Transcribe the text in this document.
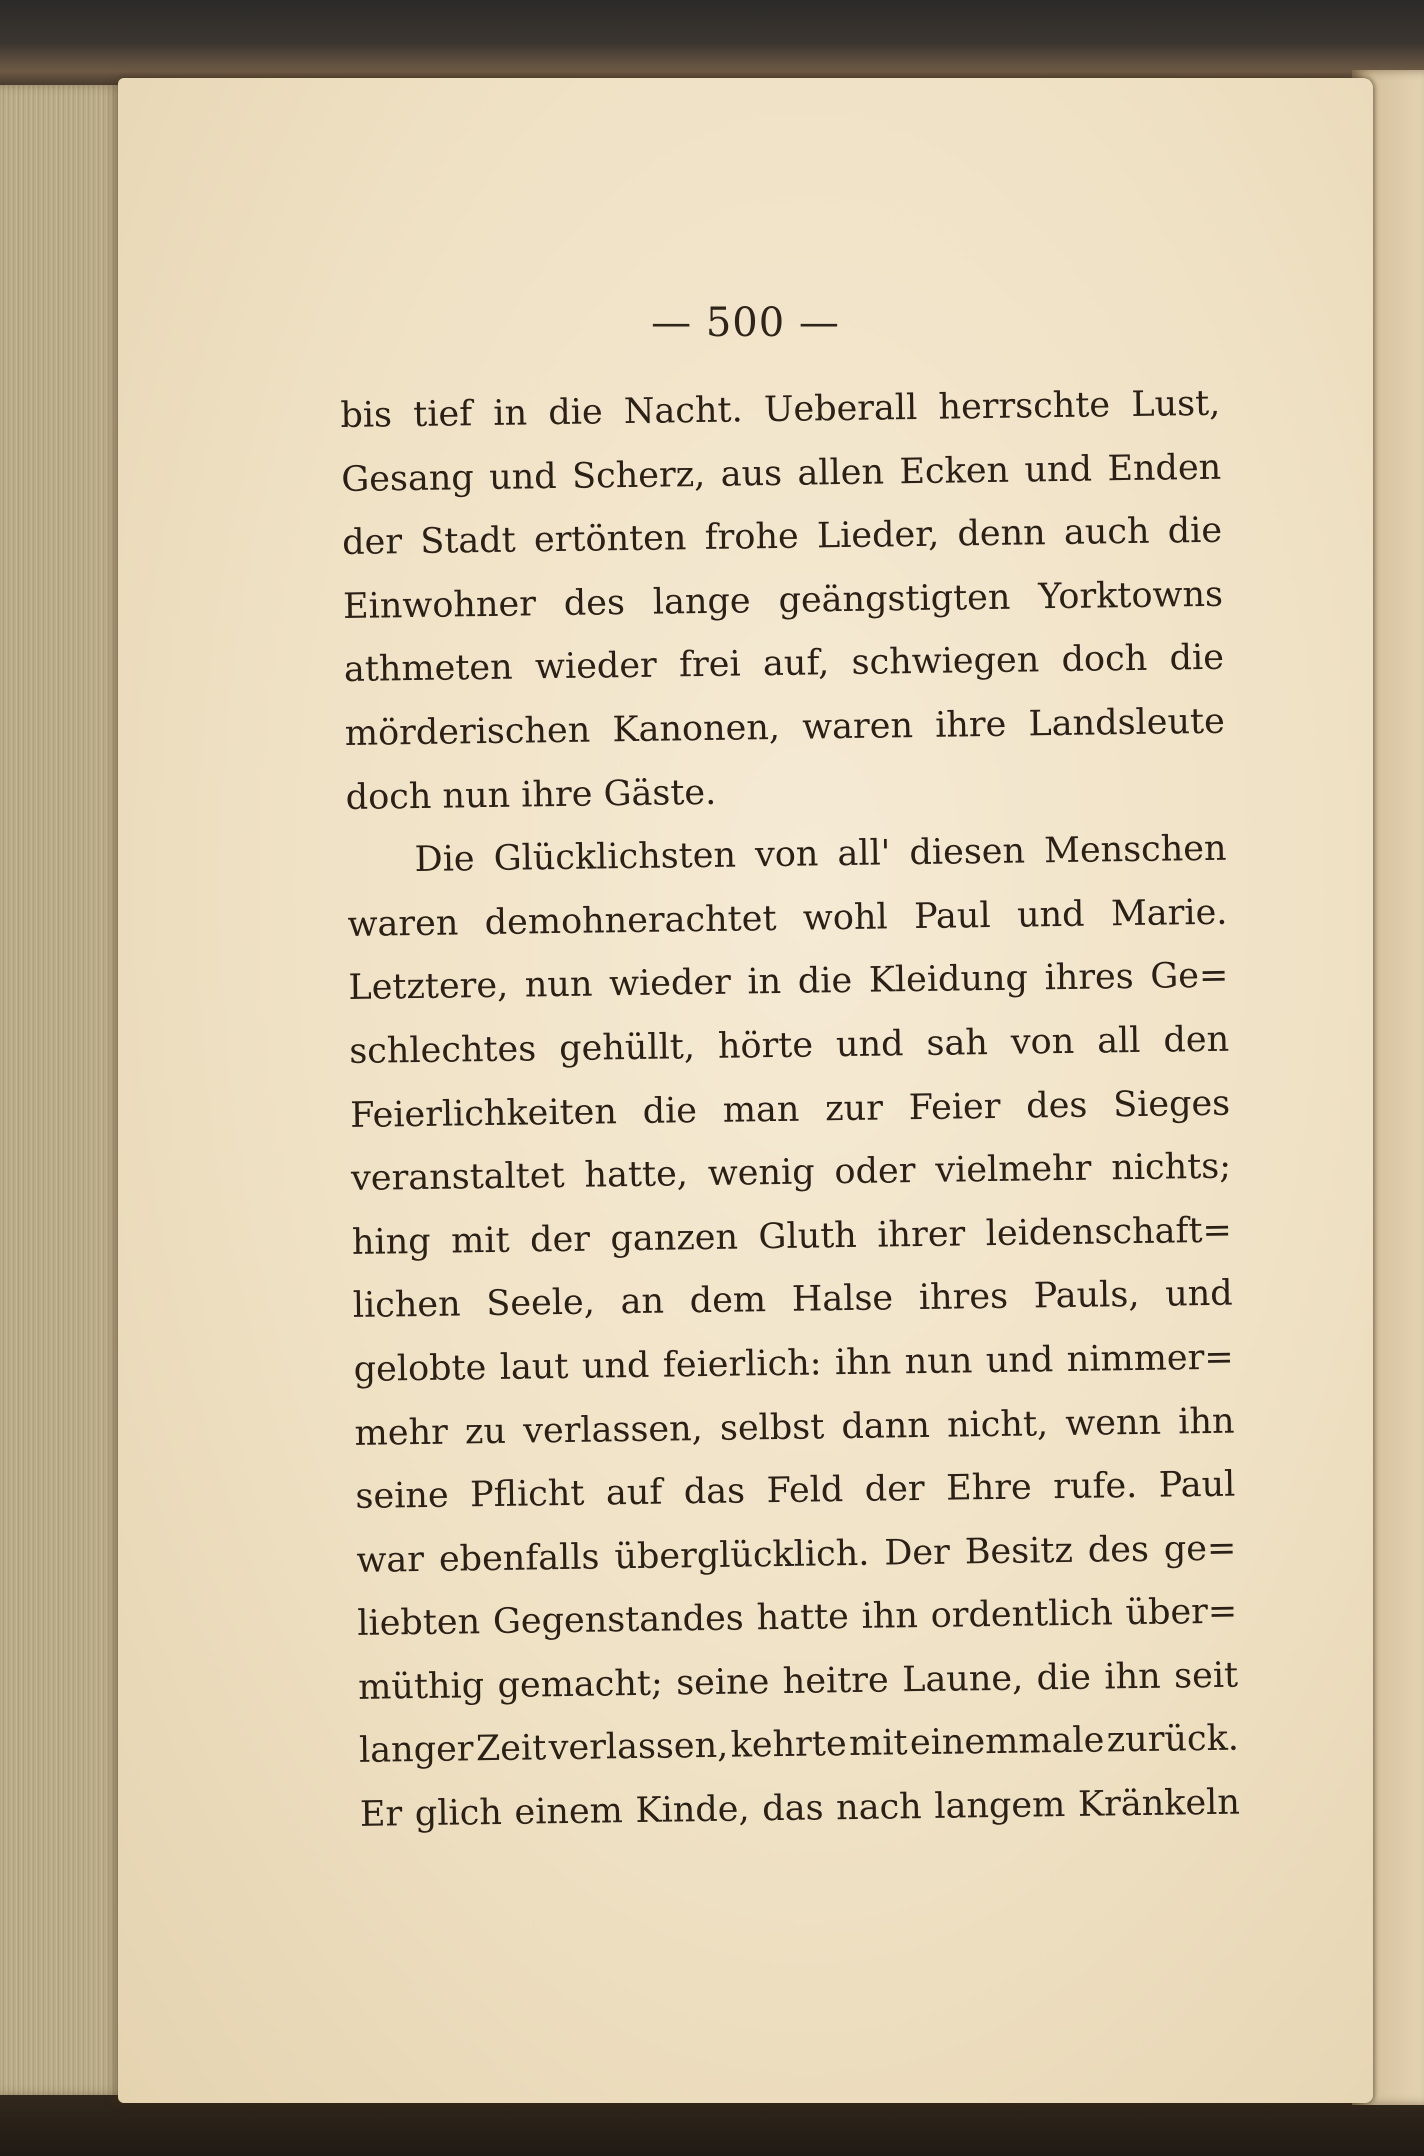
— 500 —
bis tief in die Nacht. Ueberall herrschte Lust,
Gesang und Scherz, aus allen Ecken und Enden
der Stadt ertönten frohe Lieder, denn auch die
Einwohner des lange geängstigten Yorktowns
athmeten wieder frei auf, schwiegen doch die
mörderischen Kanonen, waren ihre Landsleute
doch nun ihre Gäste.
Die Glücklichsten von all' diesen Menschen
waren demohnerachtet wohl Paul und Marie.
Letztere, nun wieder in die Kleidung ihres Ge=
schlechtes gehüllt, hörte und sah von all den
Feierlichkeiten die man zur Feier des Sieges
veranstaltet hatte, wenig oder vielmehr nichts;
hing mit der ganzen Gluth ihrer leidenschaft=
lichen Seele, an dem Halse ihres Pauls, und
gelobte laut und feierlich: ihn nun und nimmer=
mehr zu verlassen, selbst dann nicht, wenn ihn
seine Pflicht auf das Feld der Ehre rufe. Paul
war ebenfalls überglücklich. Der Besitz des ge=
liebten Gegenstandes hatte ihn ordentlich über=
müthig gemacht; seine heitre Laune, die ihn seit
langer Zeit verlassen, kehrte mit einemmale zurück.
Er glich einem Kinde, das nach langem Kränkeln
